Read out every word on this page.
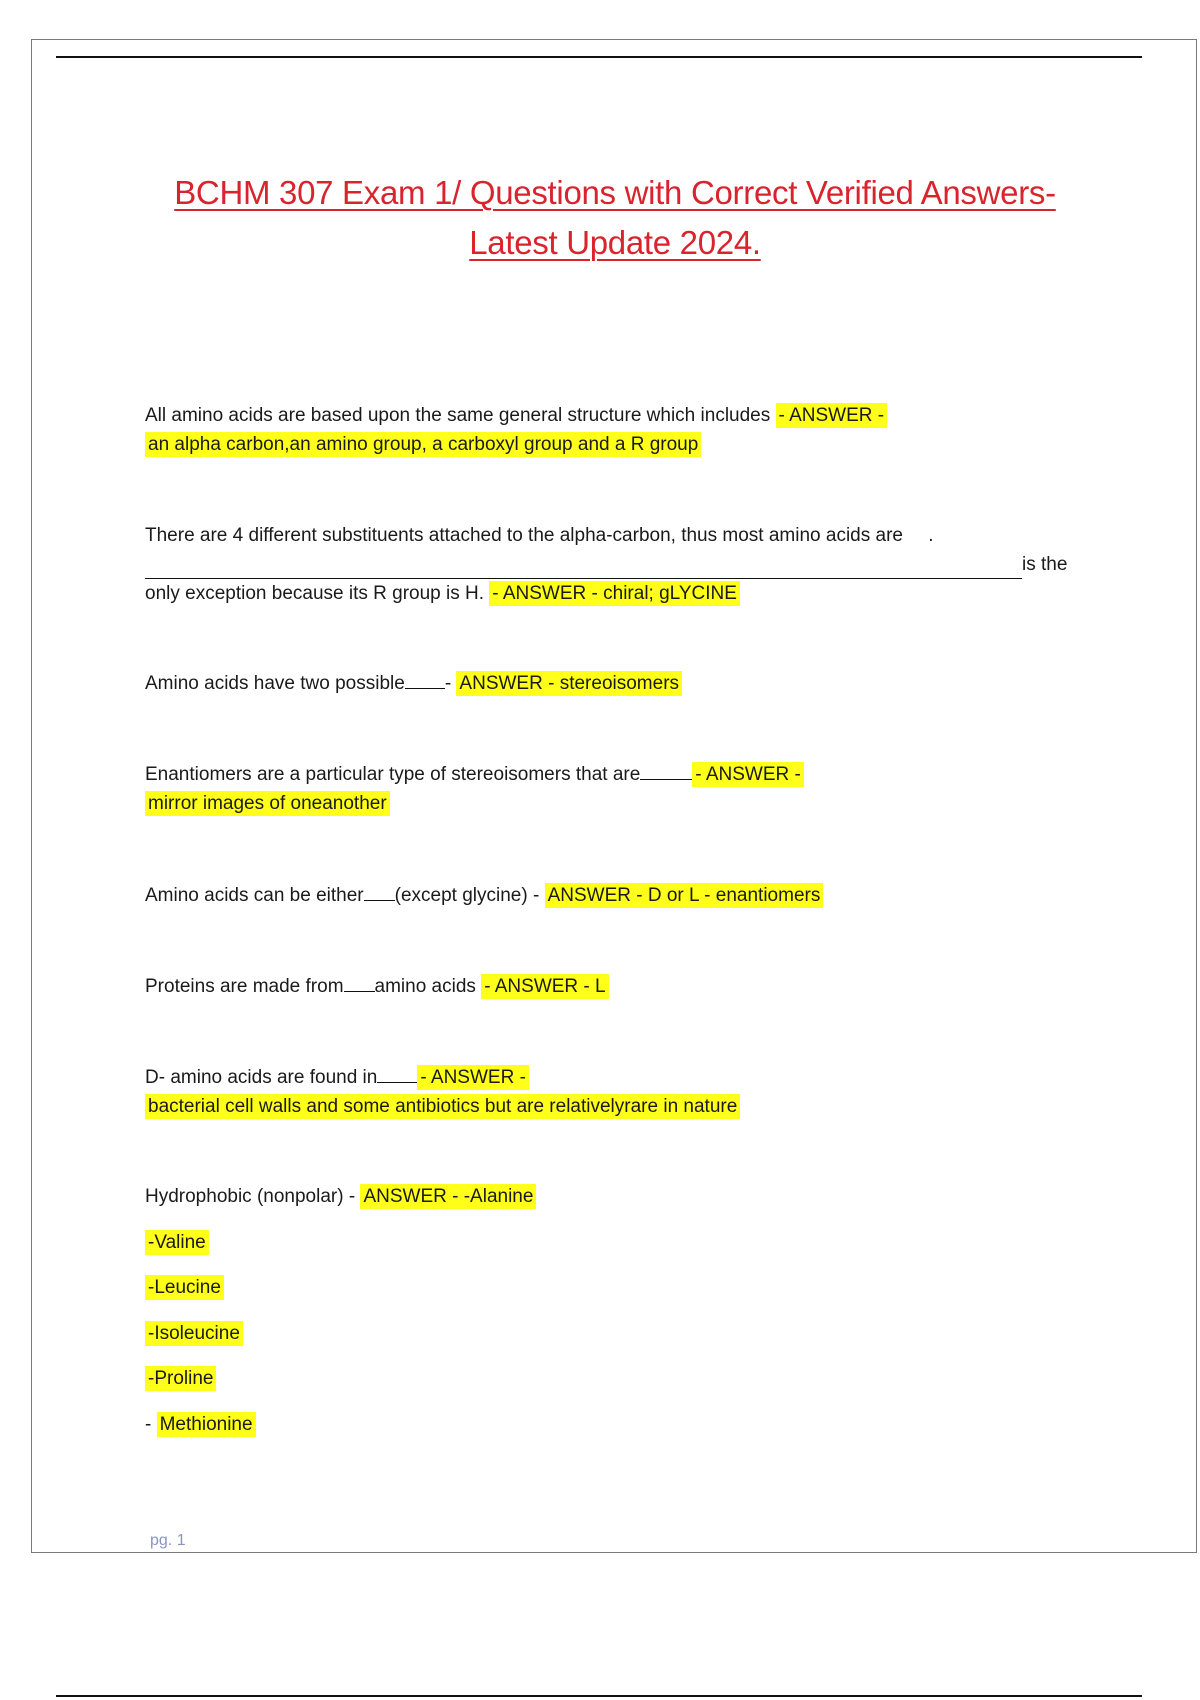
BCHM 307 Exam 1/ Questions with Correct Verified Answers-
Latest Update 2024.

All amino acids are based upon the same general structure which includes - ANSWER -
an alpha carbon,an amino group, a carboxyl group and a R group

There are 4 different substituents attached to the alpha-carbon, thus most amino acids are .
is the
only exception because its R group is H. - ANSWER - chiral; gLYCINE

Amino acids have two possible - ANSWER - stereoisomers

Enantiomers are a particular type of stereoisomers that are	- ANSWER -
mirror images of oneanother

Amino acids can be either (except glycine) - ANSWER - D or L - enantiomers

Proteins are made from amino acids - ANSWER - L

D- amino acids are found in - ANSWER -
bacterial cell walls and some antibiotics but are relativelyrare in nature

Hydrophobic (nonpolar) - ANSWER - -Alanine

-Valine

-Leucine

-Isoleucine

-Proline

- Methionine

pg. 1
